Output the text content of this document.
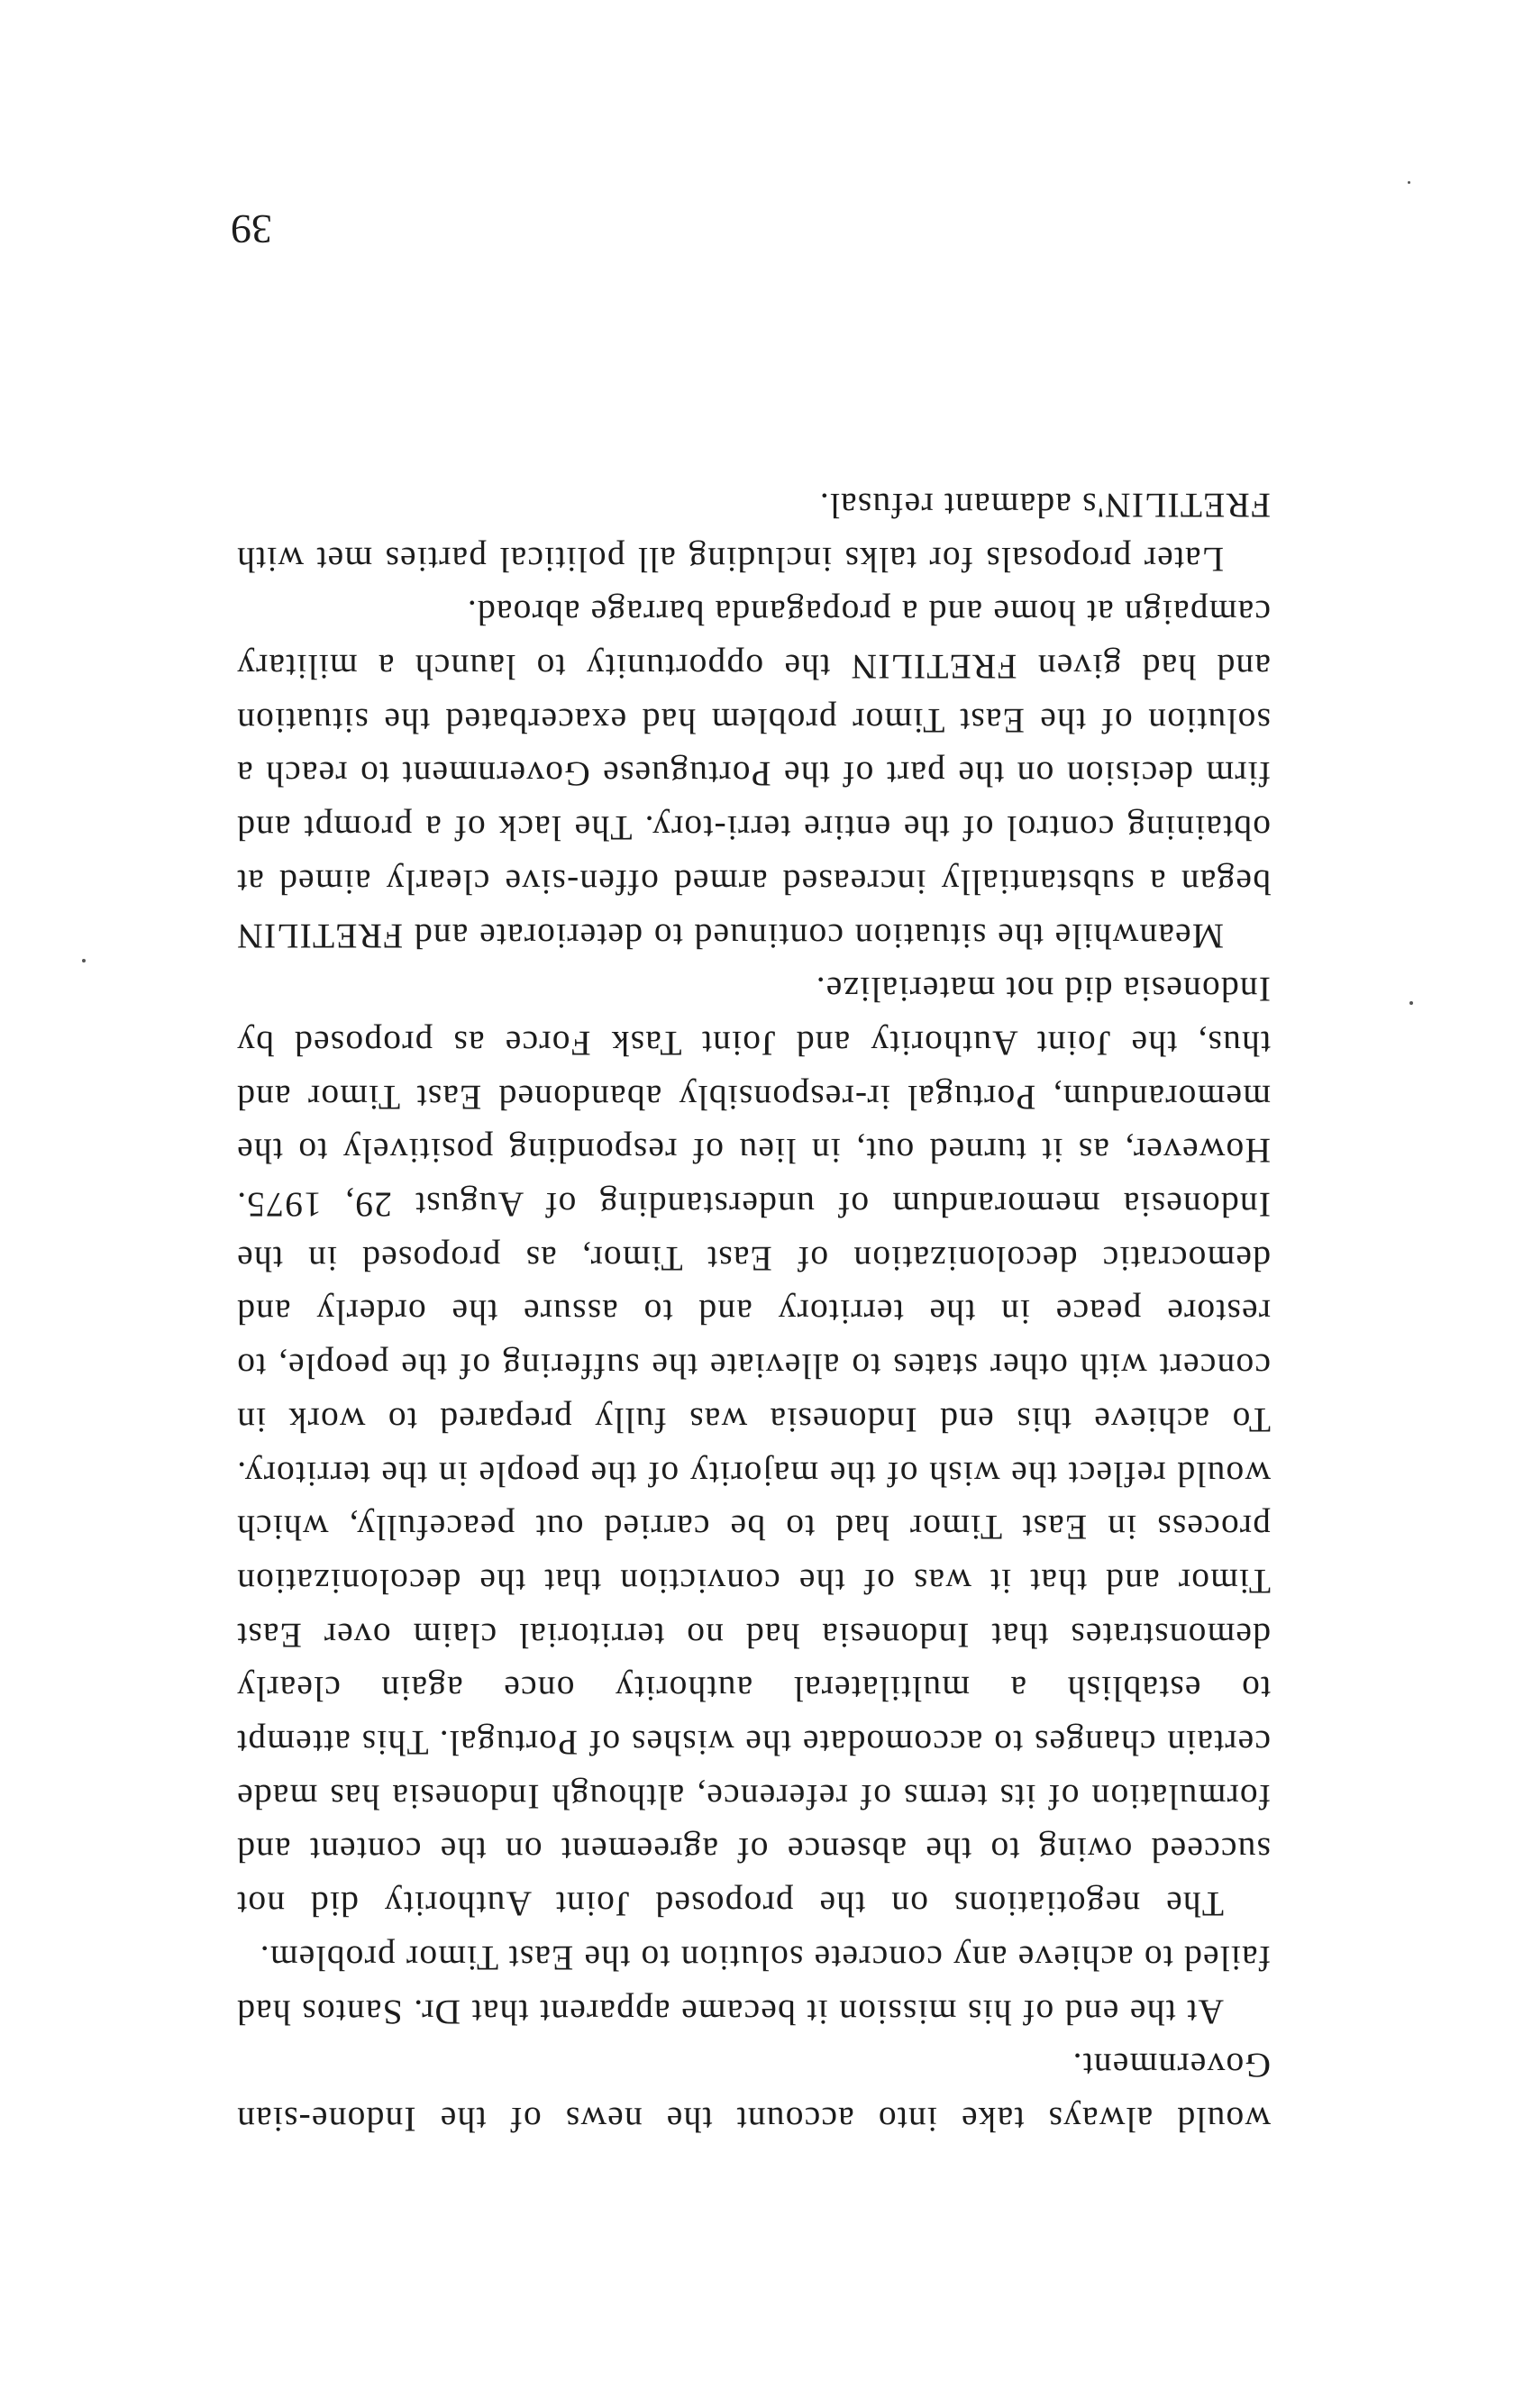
would always take into account the news of the Indone-sian Government.

At the end of his mission it became apparent that Dr. Santos had failed to achieve any concrete solution to the East Timor problem.

The negotiations on the proposed Joint Authority did not succeed owing to the absence of agreement on the content and formulation of its terms of reference, although Indonesia has made certain changes to accomodate the wishes of Portugal. This attempt to establish a multilateral authority once again clearly demonstrates that Indonesia had no territorial claim over East Timor and that it was of the conviction that the decolonization process in East Timor had to be carried out peacefully, which would reflect the wish of the majority of the people in the territory. To achieve this end Indonesia was fully prepared to work in concert with other states to alleviate the suffering of the people, to restore peace in the territory and to assure the orderly and democratic decolonization of East Timor, as proposed in the Indonesia memorandum of understanding of August 29, 1975. However, as it turned out, in lieu of responding positively to the memorandum, Portugal ir-responsibly abandoned East Timor and thus, the Joint Authority and Joint Task Force as proposed by Indonesia did not materialize.

Meanwhile the situation continued to deteriorate and FRETILIN began a substantially increased armed offen-sive clearly aimed at obtaining control of the entire terri-tory. The lack of a prompt and firm decision on the part of the Portuguese Government to reach a solution of the East Timor problem had exacerbated the situation and had given FRETILIN the opportunity to launch a military campaign at home and a propaganda barrage abroad.

Later proposals for talks including all political parties met with FRETILIN's adamant refusal.

39
